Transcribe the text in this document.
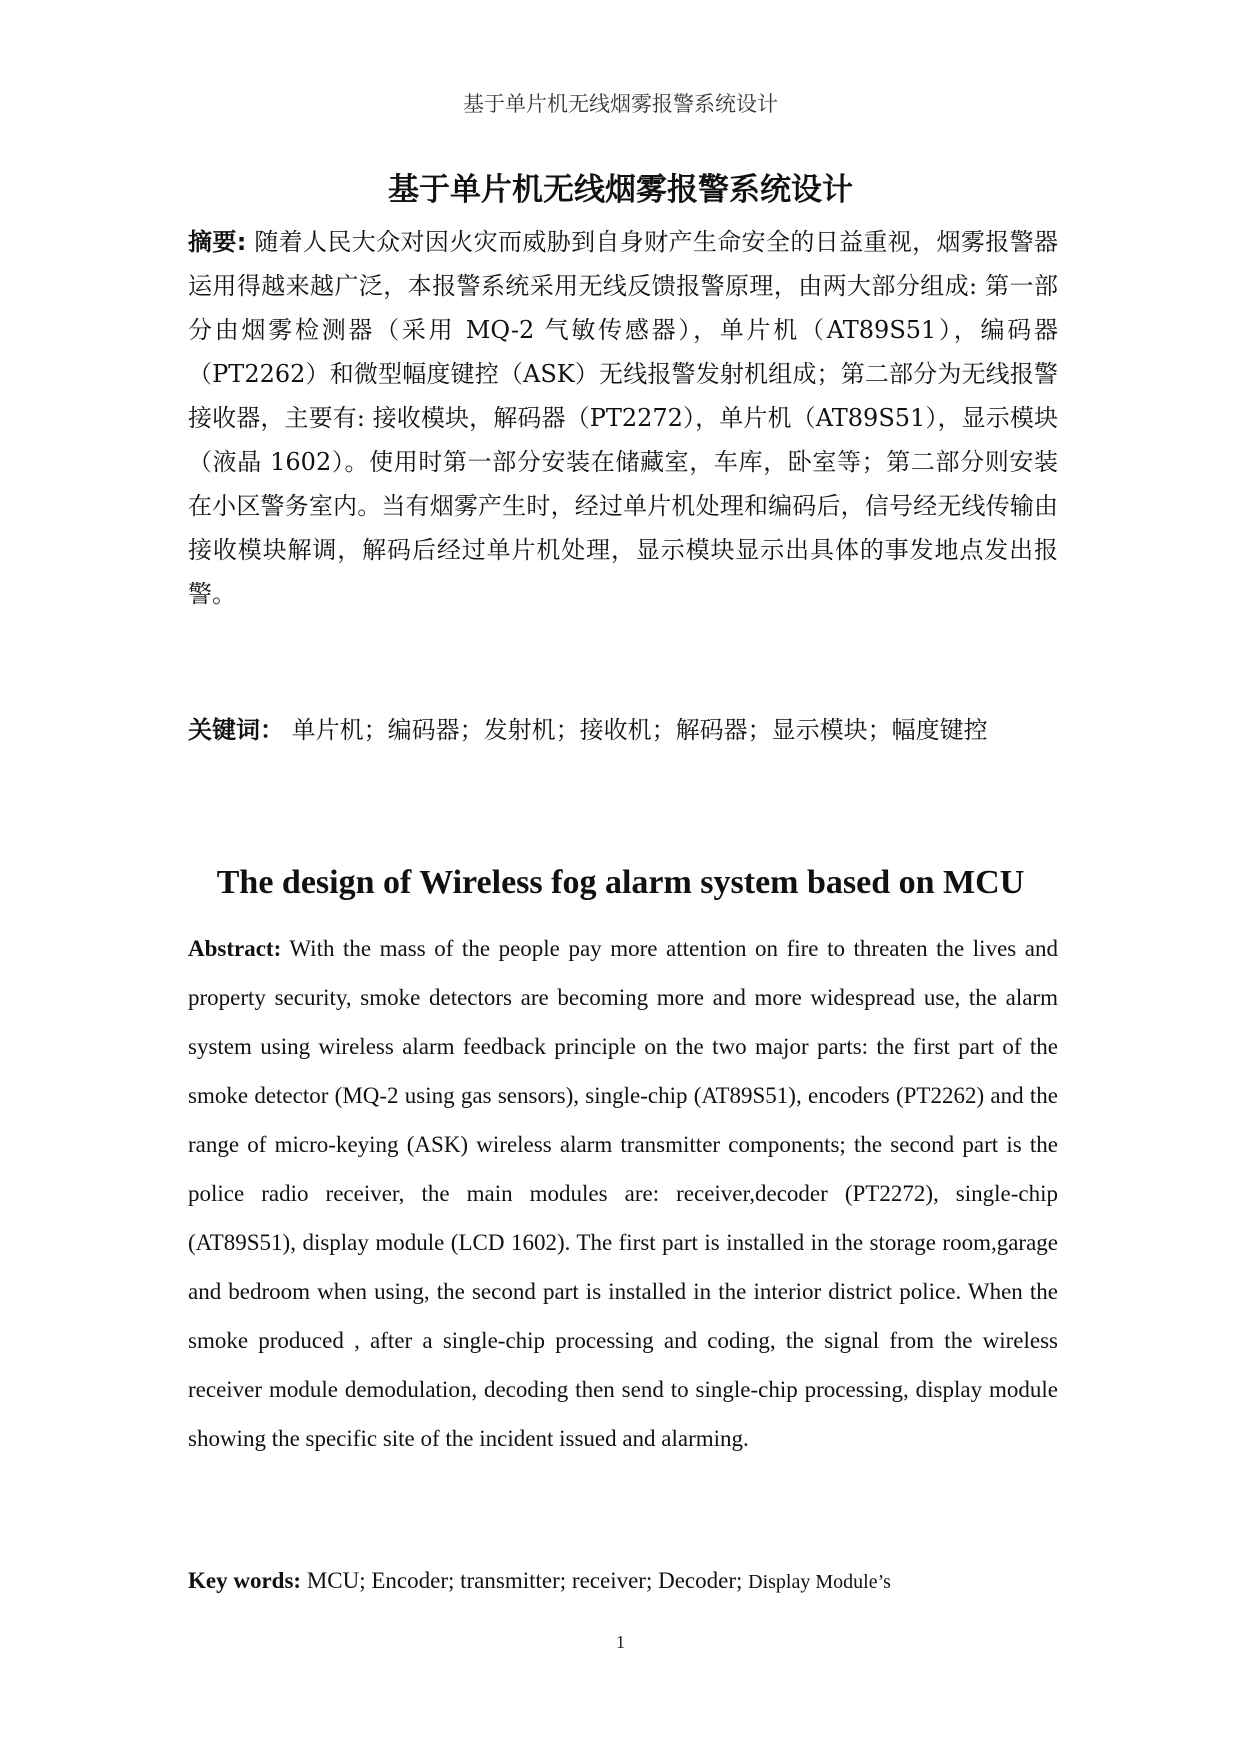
基于单片机无线烟雾报警系统设计
基于单片机无线烟雾报警系统设计
摘要: 随着人民大众对因火灾而威胁到自身财产生命安全的日益重视，烟雾报警器运用得越来越广泛，本报警系统采用无线反馈报警原理，由两大部分组成: 第一部分由烟雾检测器（采用 MQ-2 气敏传感器），单片机（AT89S51），编码器（PT2262）和微型幅度键控（ASK）无线报警发射机组成；第二部分为无线报警接收器，主要有: 接收模块，解码器（PT2272），单片机（AT89S51），显示模块（液晶 1602）。使用时第一部分安装在储藏室，车库，卧室等；第二部分则安装在小区警务室内。当有烟雾产生时，经过单片机处理和编码后，信号经无线传输由接收模块解调，解码后经过单片机处理，显示模块显示出具体的事发地点发出报警。
关键词： 单片机；编码器；发射机；接收机；解码器；显示模块；幅度键控
The design of Wireless fog alarm system based on MCU
Abstract: With the mass of the people pay more attention on fire to threaten the lives and property security, smoke detectors are becoming more and more widespread use, the alarm system using wireless alarm feedback principle on the two major parts: the first part of the smoke detector (MQ-2 using gas sensors), single-chip (AT89S51), encoders (PT2262) and the range of micro-keying (ASK) wireless alarm transmitter components; the second part is the police radio receiver, the main modules are: receiver,decoder (PT2272), single-chip (AT89S51), display module (LCD 1602). The first part is installed in the storage room,garage and bedroom when using, the second part is installed in the interior district police. When the smoke produced , after a single-chip processing and coding, the signal from the wireless receiver module demodulation, decoding then send to single-chip processing, display module showing the specific site of the incident issued and alarming.
Key words: MCU; Encoder; transmitter; receiver; Decoder; Display Module’s
1
